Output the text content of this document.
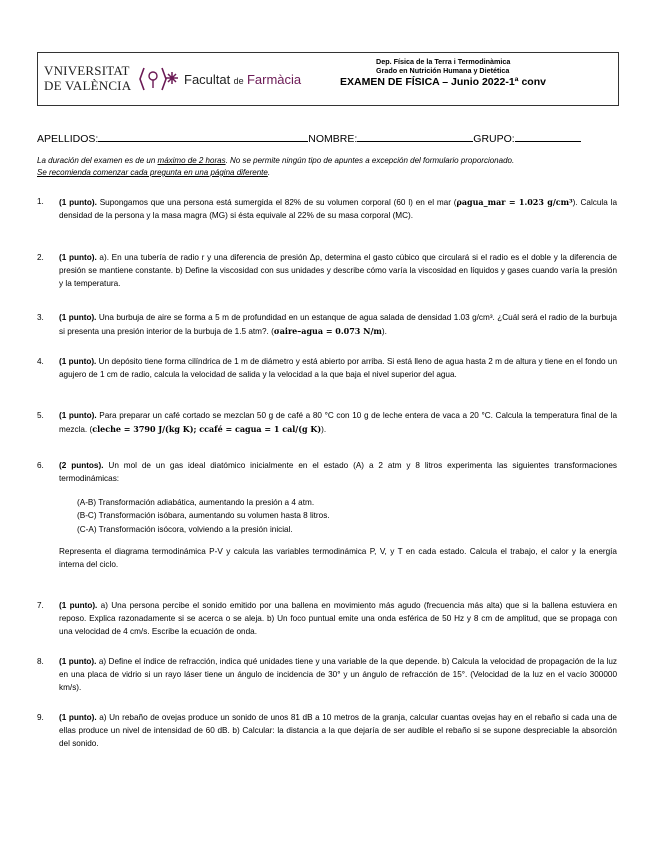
VNIVERSITAT
DE VALÈNCIA	Facultat de Farmàcia
Dep. Física de la Terra i Termodinàmica
Grado en Nutrición Humana y Dietética
EXAMEN DE FÍSICA – Junio 2022-1ª conv
APELLIDOS:	NOMBRE:	GRUPO:
La duración del examen es de un máximo de 2 horas. No se permite ningún tipo de apuntes a excepción del formulario proporcionado.
Se recomienda comenzar cada pregunta en una página diferente.
1.	(1 punto). Supongamos que una persona está sumergida el 82% de su volumen corporal (60 l) en el mar (ρagua_mar = 1.023 g/cm³). Calcula la densidad de la persona y la masa magra (MG) si ésta equivale al 22% de su masa corporal (MC).
2.	(1 punto). a). En una tubería de radio r y una diferencia de presión Δp, determina el gasto cúbico que circulará si el radio es el doble y la diferencia de presión se mantiene constante. b) Define la viscosidad con sus unidades y describe cómo varía la viscosidad en líquidos y gases cuando varía la presión y la temperatura.
3.	(1 punto). Una burbuja de aire se forma a 5 m de profundidad en un estanque de agua salada de densidad 1.03 g/cm³. ¿Cuál será el radio de la burbuja si presenta una presión interior de la burbuja de 1.5 atm?. (σaire–agua = 0.073 N/m).
4.	(1 punto). Un depósito tiene forma cilíndrica de 1 m de diámetro y está abierto por arriba. Si está lleno de agua hasta 2 m de altura y tiene en el fondo un agujero de 1 cm de radio, calcula la velocidad de salida y la velocidad a la que baja el nivel superior del agua.
5.	(1 punto). Para preparar un café cortado se mezclan 50 g de café a 80 °C con 10 g de leche entera de vaca a 20 °C. Calcula la temperatura final de la mezcla. (cleche = 3790 J/(kg K); ccafé = cagua = 1 cal/(g K)).
6.	(2 puntos). Un mol de un gas ideal diatómico inicialmente en el estado (A) a 2 atm y 8 litros experimenta las siguientes transformaciones termodinámicas:
(A-B) Transformación adiabática, aumentando la presión a 4 atm.
(B-C) Transformación isóbara, aumentando su volumen hasta 8 litros.
(C-A) Transformación isócora, volviendo a la presión inicial.
Representa el diagrama termodinámica P-V y calcula las variables termodinámica P, V, y T en cada estado. Calcula el trabajo, el calor y la energía interna del ciclo.
7.	(1 punto). a) Una persona percibe el sonido emitido por una ballena en movimiento más agudo (frecuencia más alta) que si la ballena estuviera en reposo. Explica razonadamente si se acerca o se aleja. b) Un foco puntual emite una onda esférica de 50 Hz y 8 cm de amplitud, que se propaga con una velocidad de 4 cm/s. Escribe la ecuación de onda.
8.	(1 punto). a) Define el índice de refracción, indica qué unidades tiene y una variable de la que depende. b) Calcula la velocidad de propagación de la luz en una placa de vidrio si un rayo láser tiene un ángulo de incidencia de 30° y un ángulo de refracción de 15°. (Velocidad de la luz en el vacío 300000 km/s).
9.	(1 punto). a) Un rebaño de ovejas produce un sonido de unos 81 dB a 10 metros de la granja, calcular cuantas ovejas hay en el rebaño si cada una de ellas produce un nivel de intensidad de 60 dB. b) Calcular: la distancia a la que dejaría de ser audible el rebaño si se supone despreciable la absorción del sonido.
